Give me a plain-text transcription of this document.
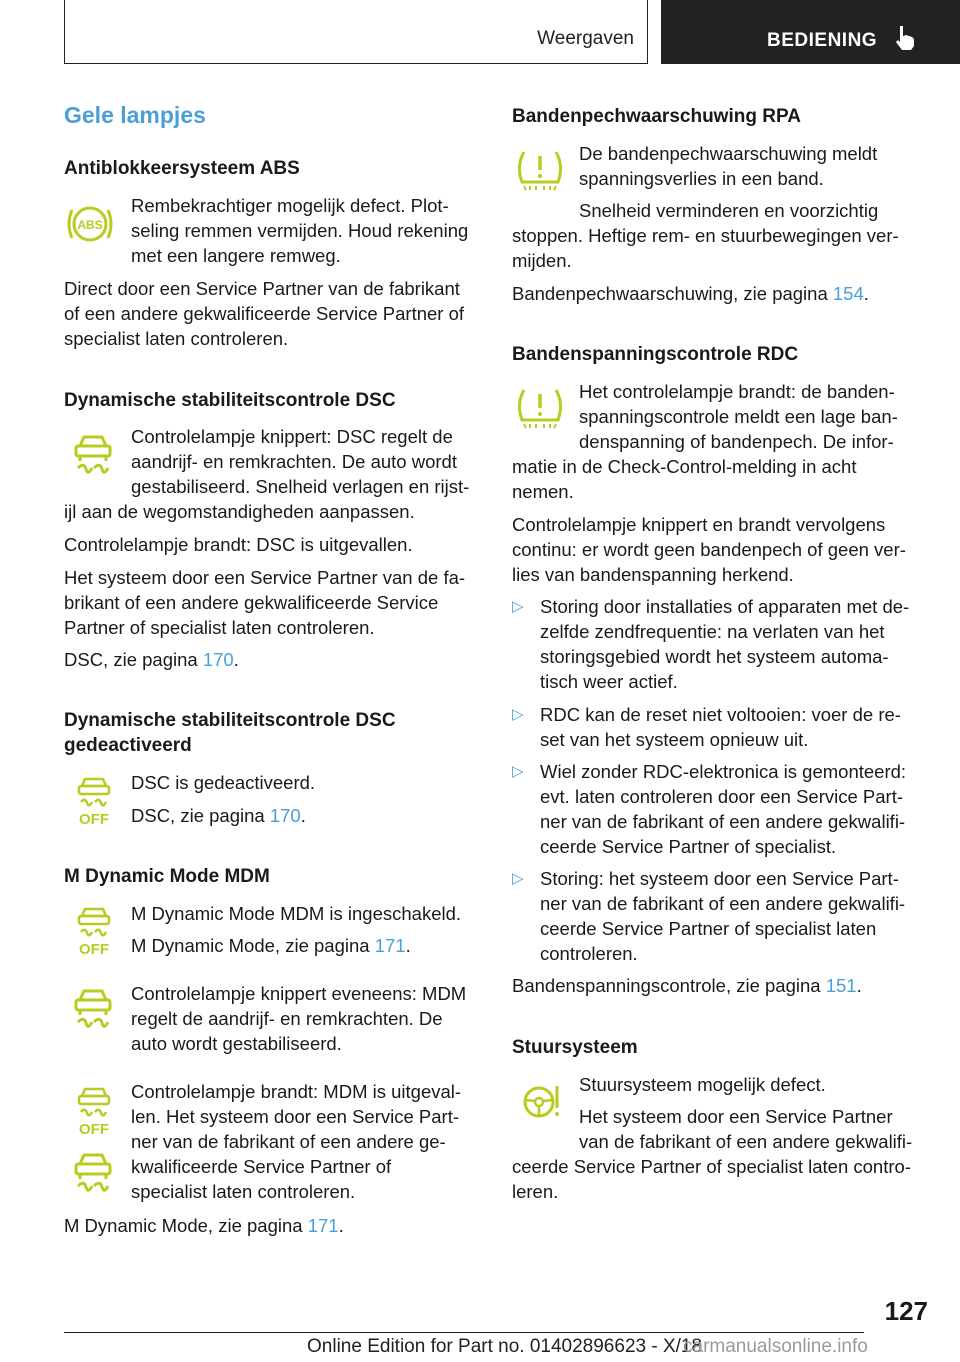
Weergaven	BEDIENING
Gele lampjes
Antiblokkeersysteem ABS
ABS
Rembekrachtiger mogelijk defect. Plot-
seling remmen vermijden. Houd rekening
met een langere remweg.
Direct door een Service Partner van de fabrikant
of een andere gekwalificeerde Service Partner of
specialist laten controleren.
Dynamische stabiliteitscontrole DSC
Controlelampje knippert: DSC regelt de
aandrijf- en remkrachten. De auto wordt
gestabiliseerd. Snelheid verlagen en rijst-
ijl aan de wegomstandigheden aanpassen.
Controlelampje brandt: DSC is uitgevallen.
Het systeem door een Service Partner van de fa-
brikant of een andere gekwalificeerde Service
Partner of specialist laten controleren.
DSC, zie pagina 170.
Dynamische stabiliteitscontrole DSC
gedeactiveerd
OFF
DSC is gedeactiveerd.
DSC, zie pagina 170.
M Dynamic Mode MDM
OFF
M Dynamic Mode MDM is ingeschakeld.
M Dynamic Mode, zie pagina 171.
Controlelampje knippert eveneens: MDM
regelt de aandrijf- en remkrachten. De
auto wordt gestabiliseerd.
OFF
Controlelampje brandt: MDM is uitgeval-
len. Het systeem door een Service Part-
ner van de fabrikant of een andere ge-
kwalificeerde Service Partner of
specialist laten controleren.
M Dynamic Mode, zie pagina 171.
Bandenpechwaarschuwing RPA
De bandenpechwaarschuwing meldt
spanningsverlies in een band.
Snelheid verminderen en voorzichtig
stoppen. Heftige rem- en stuurbewegingen ver-
mijden.
Bandenpechwaarschuwing, zie pagina 154.
Bandenspanningscontrole RDC
Het controlelampje brandt: de banden-
spanningscontrole meldt een lage ban-
denspanning of bandenpech. De infor-
matie in de Check-Control-melding in acht
nemen.
Controlelampje knippert en brandt vervolgens
continu: er wordt geen bandenpech of geen ver-
lies van bandenspanning herkend.
▷ Storing door installaties of apparaten met de-
zelfde zendfrequentie: na verlaten van het
storingsgebied wordt het systeem automa-
tisch weer actief.
▷ RDC kan de reset niet voltooien: voer de re-
set van het systeem opnieuw uit.
▷ Wiel zonder RDC-elektronica is gemonteerd:
evt. laten controleren door een Service Part-
ner van de fabrikant of een andere gekwalifi-
ceerde Service Partner of specialist.
▷ Storing: het systeem door een Service Part-
ner van de fabrikant of een andere gekwalifi-
ceerde Service Partner of specialist laten
controleren.
Bandenspanningscontrole, zie pagina 151.
Stuursysteem
Stuursysteem mogelijk defect.
Het systeem door een Service Partner
van de fabrikant of een andere gekwalifi-
ceerde Service Partner of specialist laten contro-
leren.
127
Online Edition for Part no. 01402896623 - X/18
carmanualsonline.info
